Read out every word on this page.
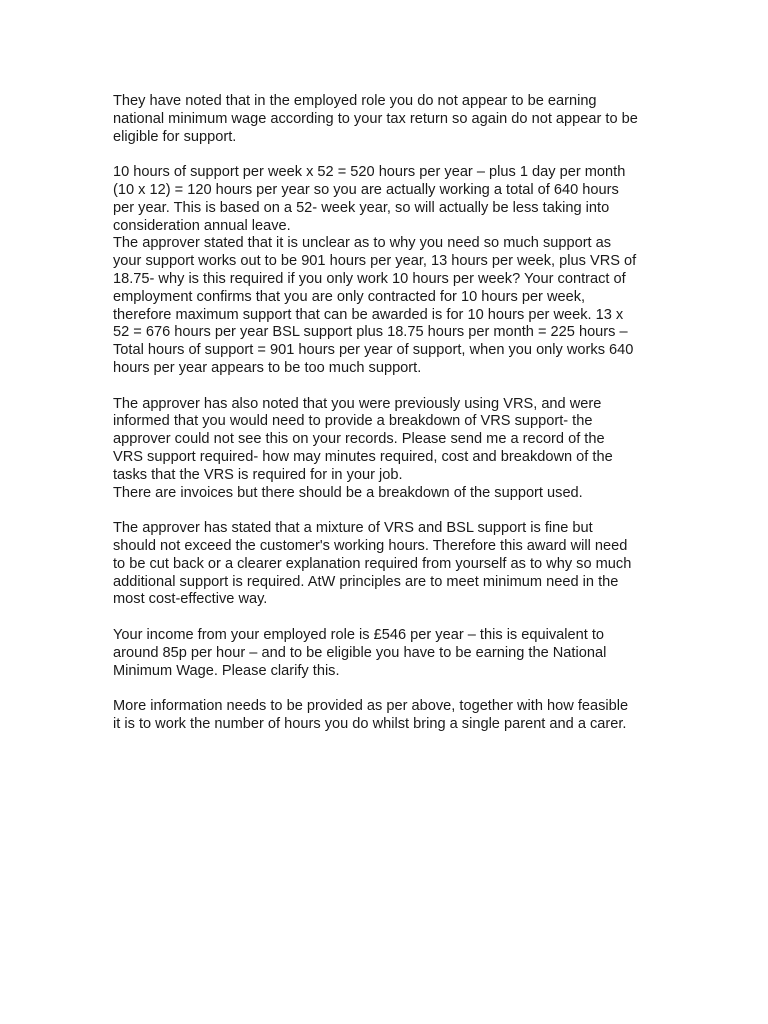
They have noted that in the employed role you do not appear to be earning
national minimum wage according to your tax return so again do not appear to be
eligible for support.

10 hours of support per week x 52 = 520 hours per year – plus 1 day per month
(10 x 12) = 120 hours per year so you are actually working a total of 640 hours
per year. This is based on a 52- week year, so will actually be less taking into
consideration annual leave.

The approver stated that it is unclear as to why you need so much support as
your support works out to be 901 hours per year, 13 hours per week, plus VRS of
18.75- why is this required if you only work 10 hours per week? Your contract of
employment confirms that you are only contracted for 10 hours per week,
therefore maximum support that can be awarded is for 10 hours per week. 13 x
52 = 676 hours per year BSL support plus 18.75 hours per month = 225 hours –
Total hours of support = 901 hours per year of support, when you only works 640
hours per year appears to be too much support.

The approver has also noted that you were previously using VRS, and were
informed that you would need to provide a breakdown of VRS support- the
approver could not see this on your records. Please send me a record of the
VRS support required- how may minutes required, cost and breakdown of the
tasks that the VRS is required for in your job.

There are invoices but there should be a breakdown of the support used.

The approver has stated that a mixture of VRS and BSL support is fine but
should not exceed the customer's working hours. Therefore this award will need
to be cut back or a clearer explanation required from yourself as to why so much
additional support is required. AtW principles are to meet minimum need in the
most cost-effective way.

Your income from your employed role is £546 per year – this is equivalent to
around 85p per hour – and to be eligible you have to be earning the National
Minimum Wage. Please clarify this.

More information needs to be provided as per above, together with how feasible
it is to work the number of hours you do whilst bring a single parent and a carer.
